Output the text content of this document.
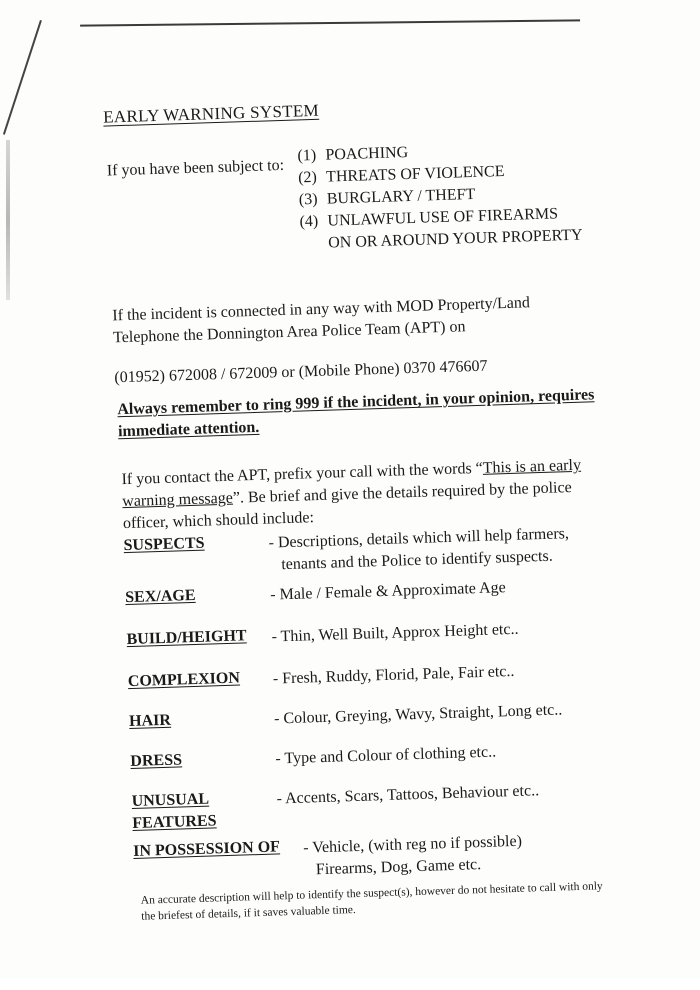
EARLY WARNING SYSTEM
If you have been subject to:
(1) POACHING
(2) THREATS OF VIOLENCE
(3) BURGLARY / THEFT
(4) UNLAWFUL USE OF FIREARMS
ON OR AROUND YOUR PROPERTY
If the incident is connected in any way with MOD Property/Land
Telephone the Donnington Area Police Team (APT) on
(01952) 672008 / 672009 or (Mobile Phone) 0370 476607
Always remember to ring 999 if the incident, in your opinion, requires
immediate attention.
If you contact the APT, prefix your call with the words “This is an early
warning message”. Be brief and give the details required by the police
officer, which should include:
SUSPECTS	- Descriptions, details which will help farmers,
tenants and the Police to identify suspects.
SEX/AGE	- Male / Female & Approximate Age
BUILD/HEIGHT	- Thin, Well Built, Approx Height etc..
COMPLEXION	- Fresh, Ruddy, Florid, Pale, Fair etc..
HAIR	- Colour, Greying, Wavy, Straight, Long etc..
DRESS	- Type and Colour of clothing etc..
UNUSUAL
FEATURES
- Accents, Scars, Tattoos, Behaviour etc..
IN POSSESSION OF - Vehicle, (with reg no if possible)
Firearms, Dog, Game etc.
An accurate description will help to identify the suspect(s), however do not hesitate to call with only
the briefest of details, if it saves valuable time.
